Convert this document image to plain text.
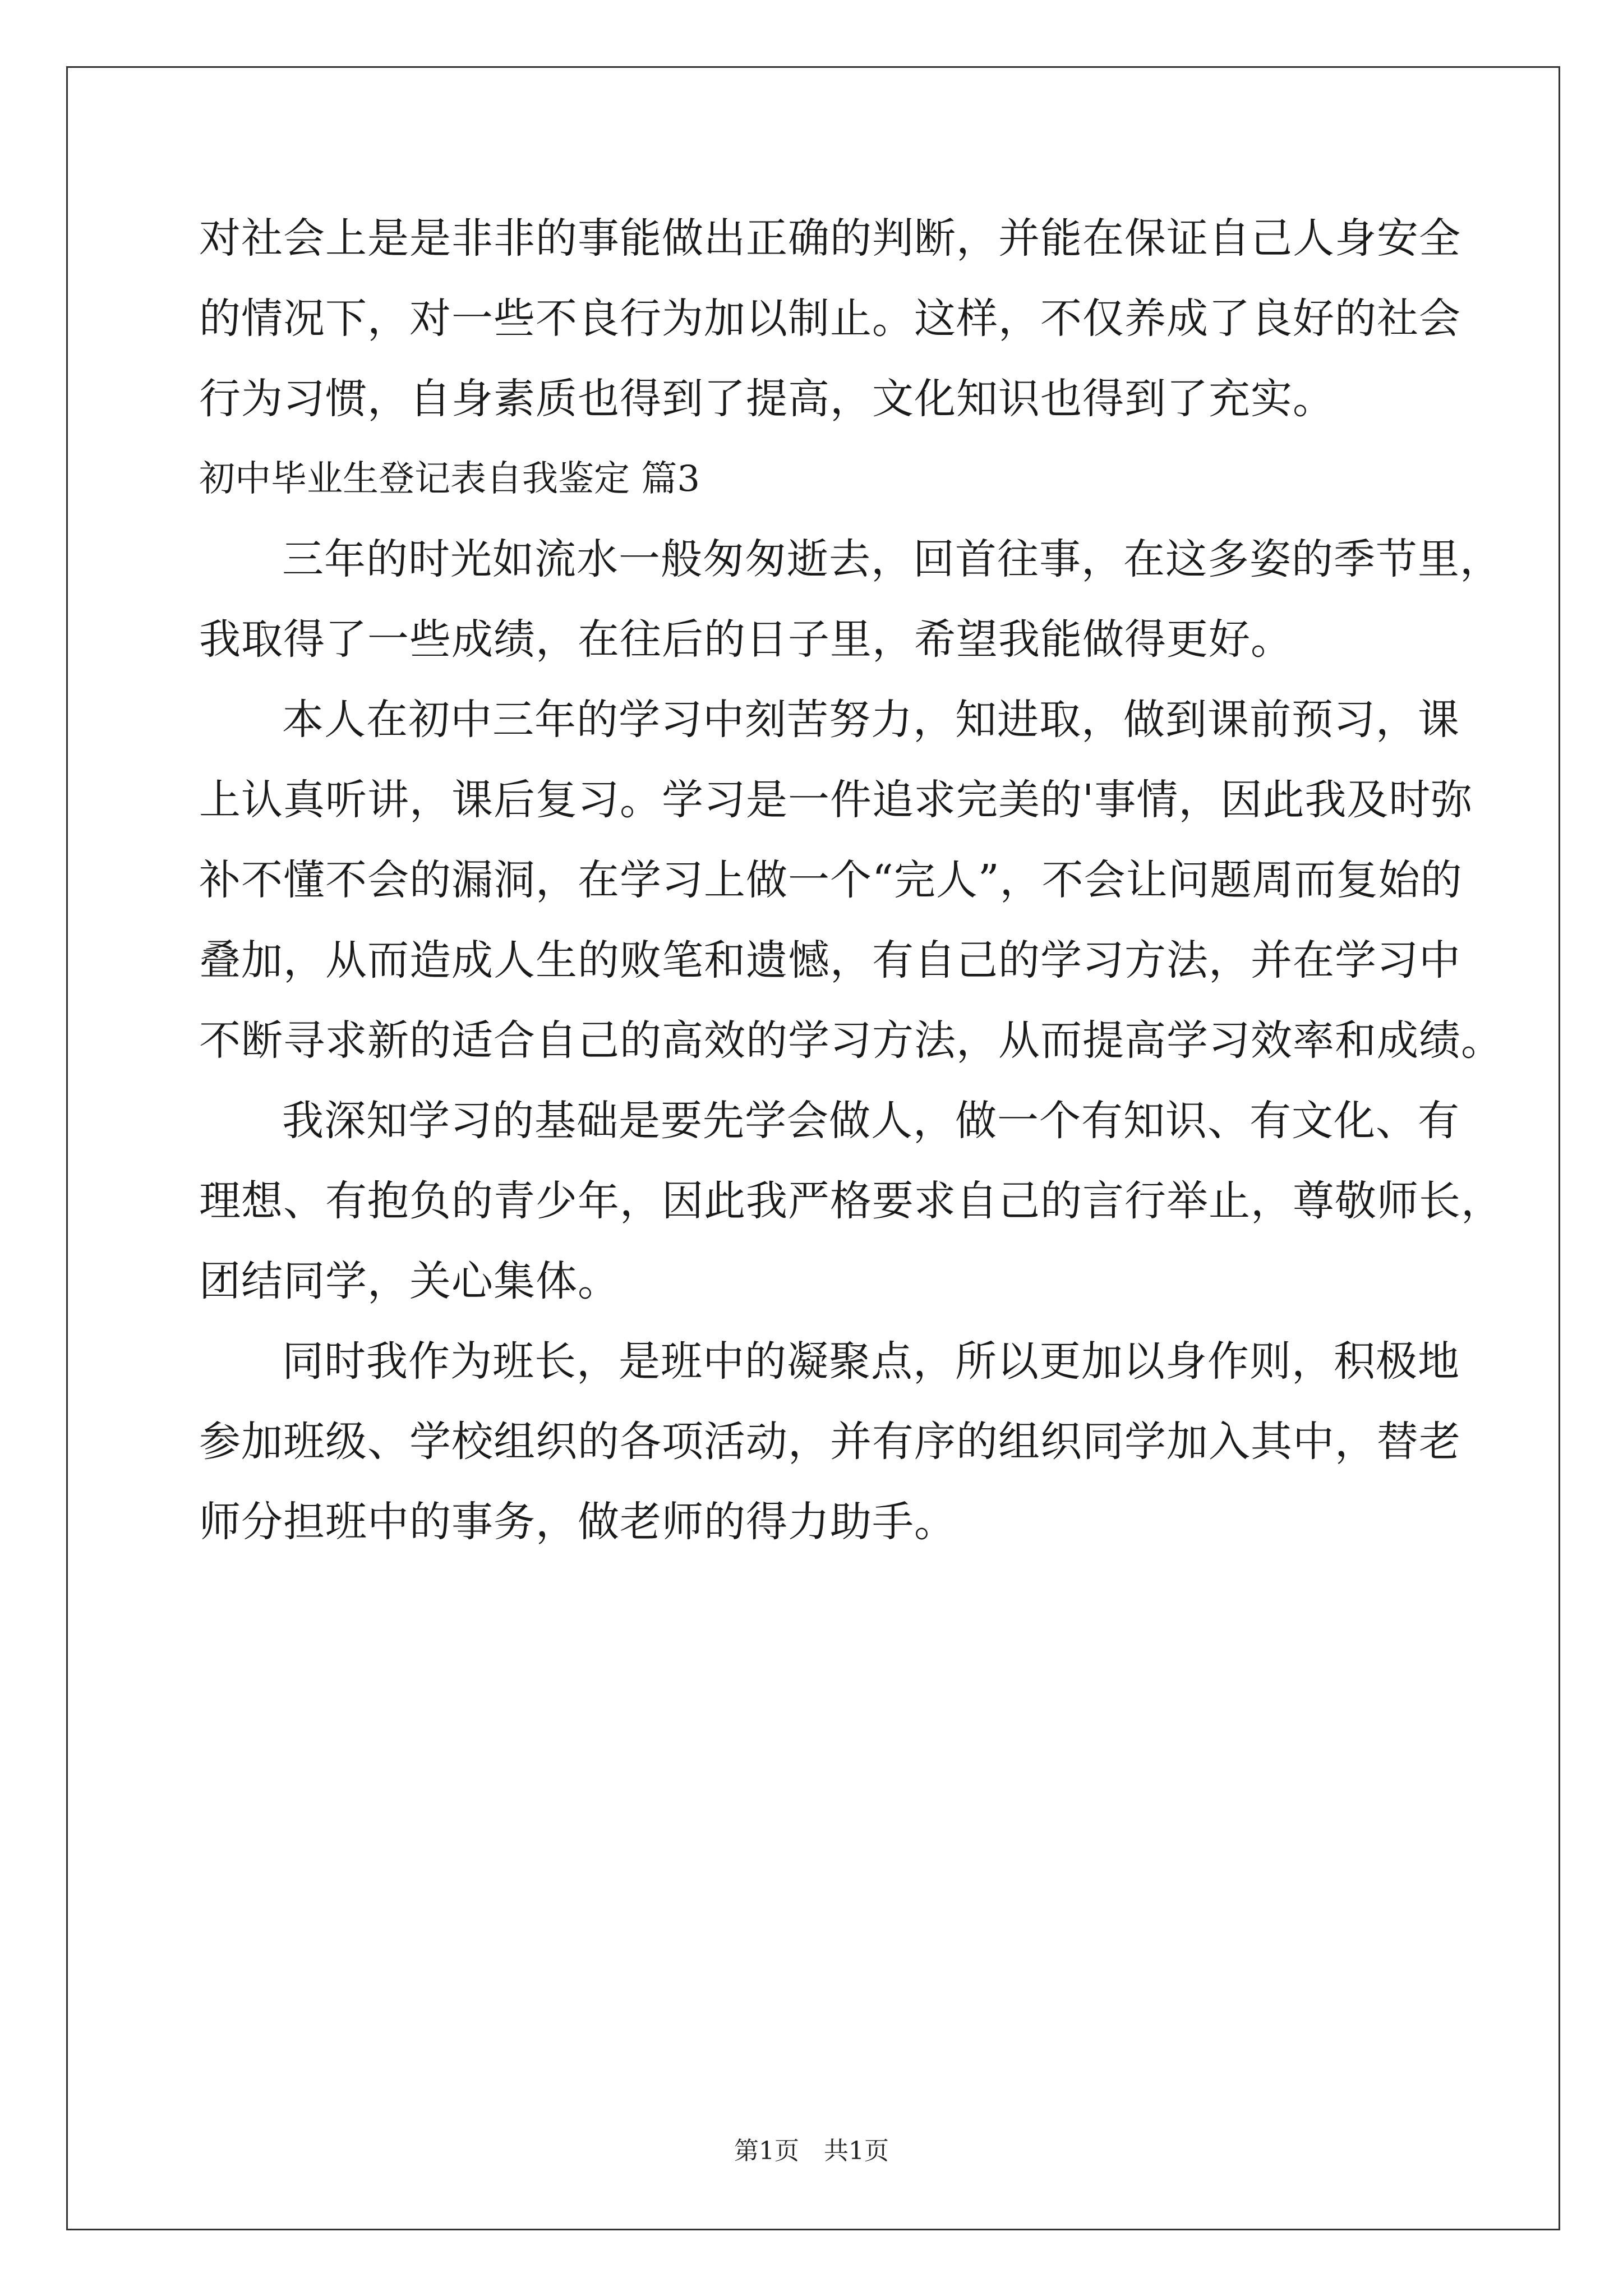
对社会上是是非非的事能做出正确的判断，并能在保证自己人身安全
的情况下，对一些不良行为加以制止。这样，不仅养成了良好的社会
行为习惯，自身素质也得到了提高，文化知识也得到了充实。
初中毕业生登记表自我鉴定 篇3
三年的时光如流水一般匆匆逝去，回首往事，在这多姿的季节里，
我取得了一些成绩，在往后的日子里，希望我能做得更好。
本人在初中三年的学习中刻苦努力，知进取，做到课前预习，课
上认真听讲，课后复习。学习是一件追求完美的'事情，因此我及时弥
补不懂不会的漏洞，在学习上做一个“完人”，不会让问题周而复始的
叠加，从而造成人生的败笔和遗憾，有自己的学习方法，并在学习中
不断寻求新的适合自己的高效的学习方法，从而提高学习效率和成绩。
我深知学习的基础是要先学会做人，做一个有知识、有文化、有
理想、有抱负的青少年，因此我严格要求自己的言行举止，尊敬师长，
团结同学，关心集体。
同时我作为班长，是班中的凝聚点，所以更加以身作则，积极地
参加班级、学校组织的各项活动，并有序的组织同学加入其中，替老
师分担班中的事务，做老师的得力助手。
第1页　共1页
